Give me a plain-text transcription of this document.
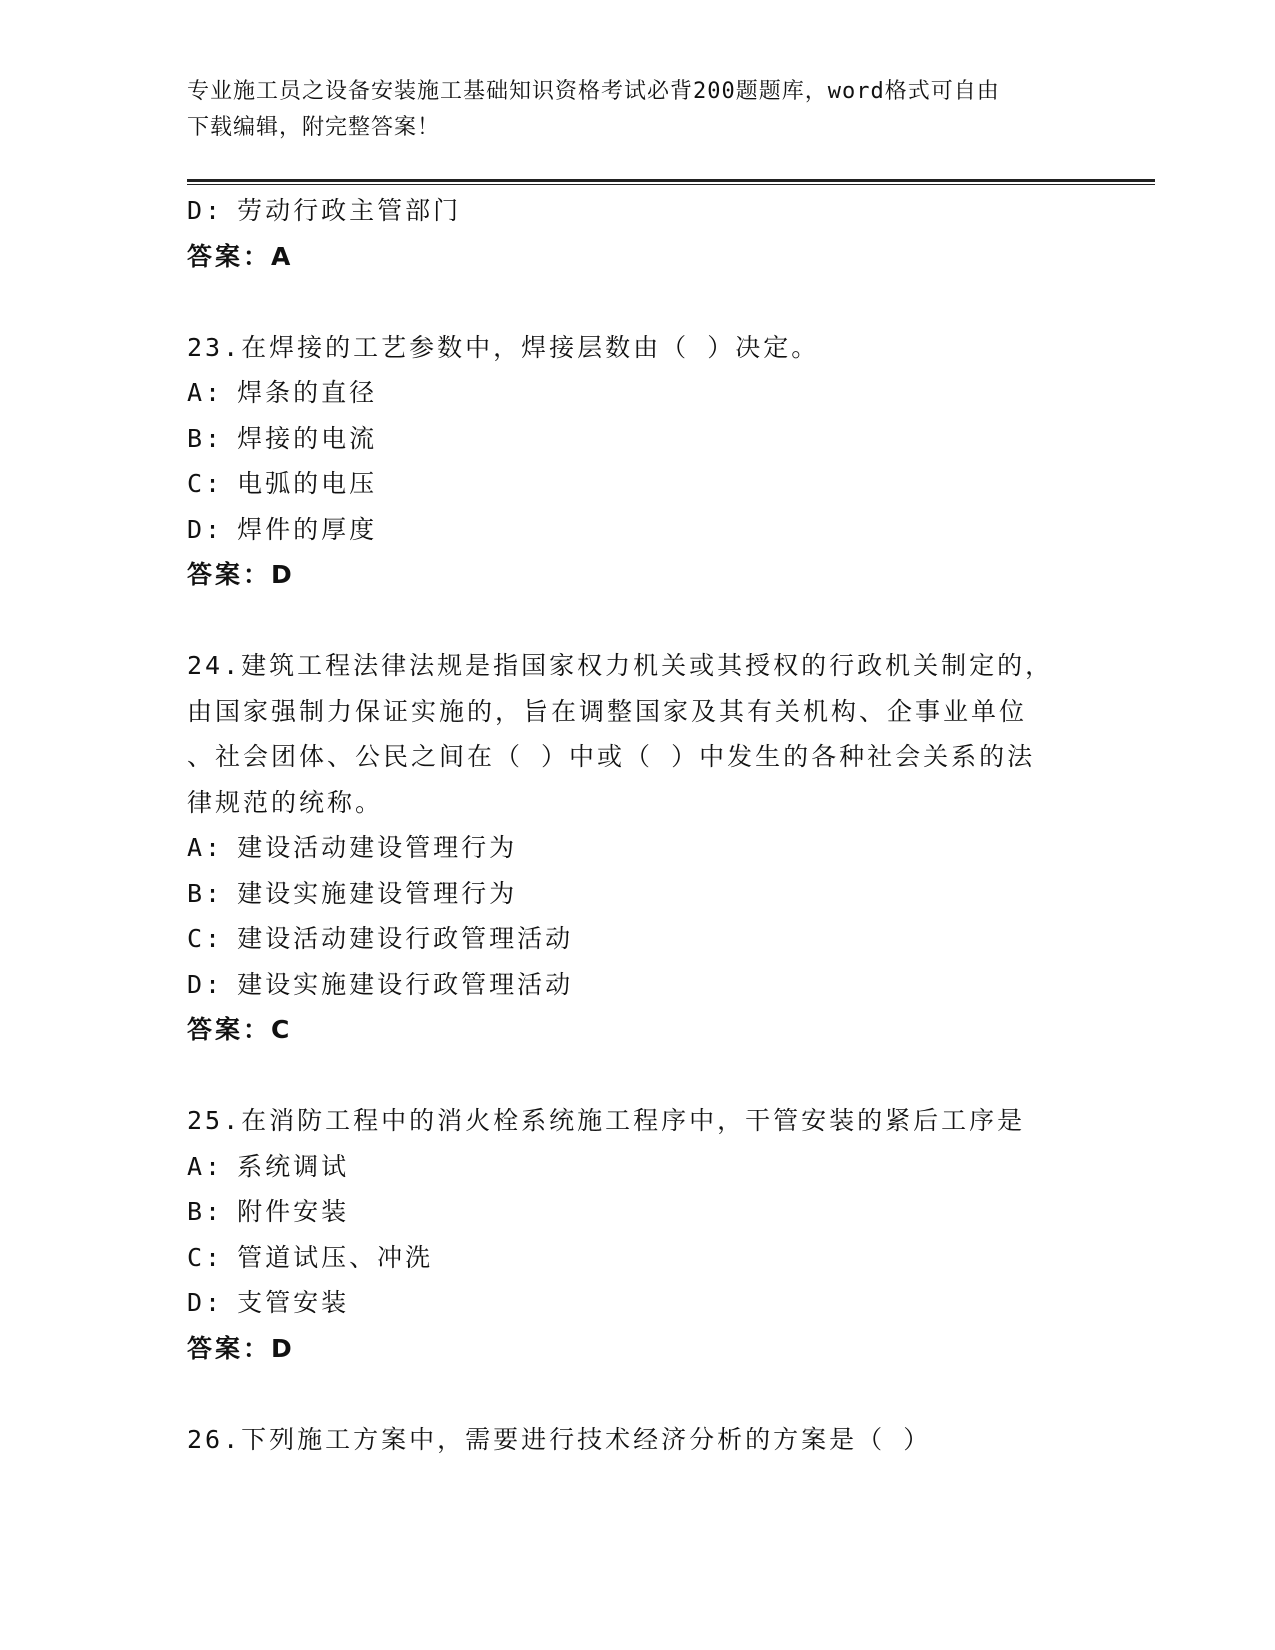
专业施工员之设备安装施工基础知识资格考试必背200题题库，word格式可自由
下载编辑，附完整答案！
D: 劳动行政主管部门
答案：A
23.在焊接的工艺参数中，焊接层数由（ ）决定。
A: 焊条的直径
B: 焊接的电流
C: 电弧的电压
D: 焊件的厚度
答案：D
24.建筑工程法律法规是指国家权力机关或其授权的行政机关制定的，
由国家强制力保证实施的，旨在调整国家及其有关机构、企事业单位
、社会团体、公民之间在（ ）中或（ ）中发生的各种社会关系的法
律规范的统称。
A: 建设活动建设管理行为
B: 建设实施建设管理行为
C: 建设活动建设行政管理活动
D: 建设实施建设行政管理活动
答案：C
25.在消防工程中的消火栓系统施工程序中，干管安装的紧后工序是
A: 系统调试
B: 附件安装
C: 管道试压、冲洗
D: 支管安装
答案：D
26.下列施工方案中，需要进行技术经济分析的方案是（ ）
